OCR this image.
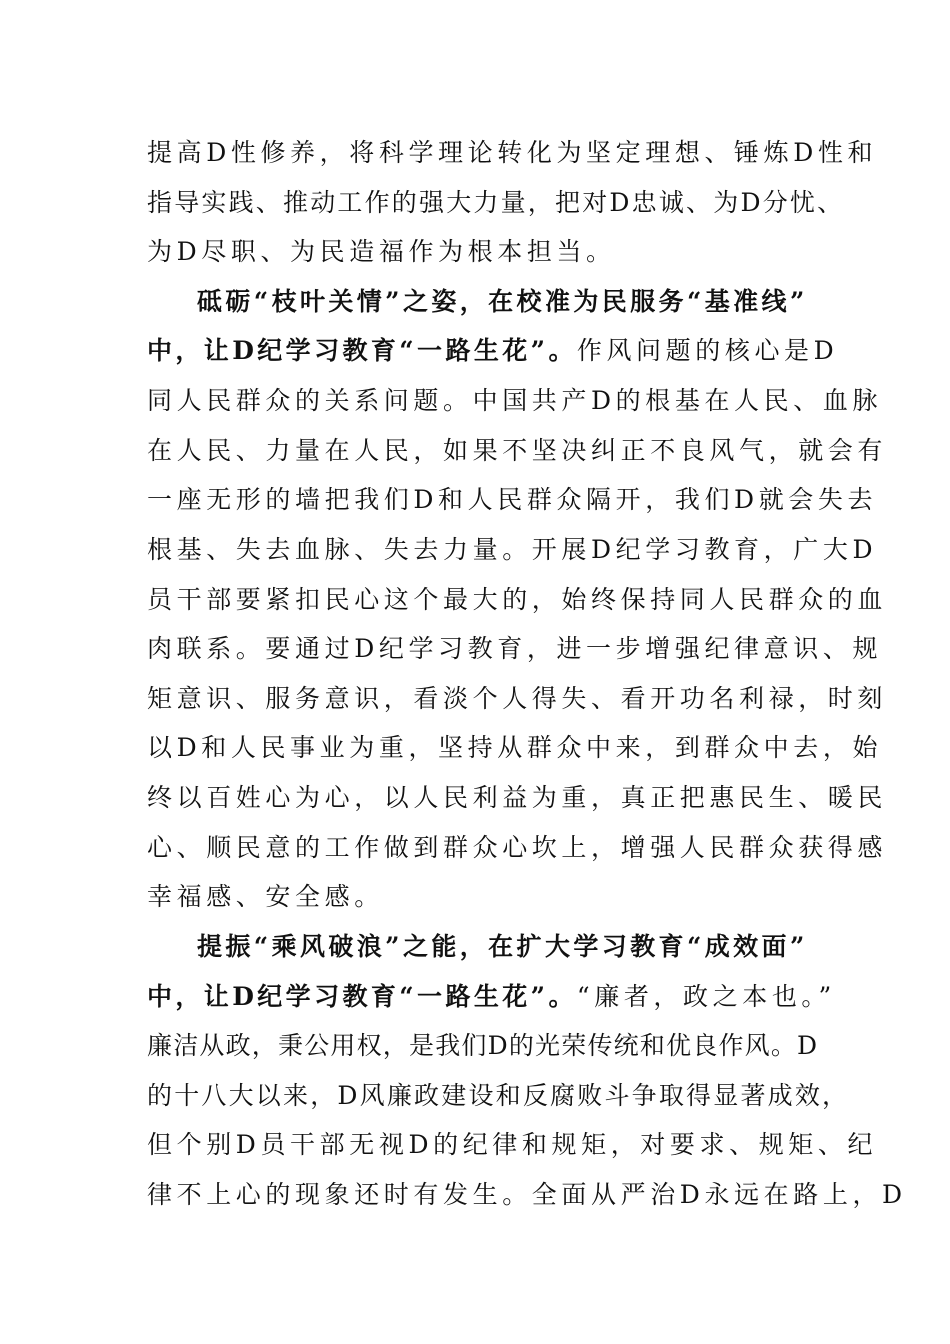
提高D性修养，将科学理论转化为坚定理想、锤炼D性和
指导实践、推动工作的强大力量，把对D忠诚、为D分忧、
为D尽职、为民造福作为根本担当。
砥砺“枝叶关情”之姿，在校准为民服务“基准线”
中，让D纪学习教育“一路生花”。作风问题的核心是D
同人民群众的关系问题。中国共产D的根基在人民、血脉
在人民、力量在人民，如果不坚决纠正不良风气，就会有
一座无形的墙把我们D和人民群众隔开，我们D就会失去
根基、失去血脉、失去力量。开展D纪学习教育，广大D
员干部要紧扣民心这个最大的，始终保持同人民群众的血
肉联系。要通过D纪学习教育，进一步增强纪律意识、规
矩意识、服务意识，看淡个人得失、看开功名利禄，时刻
以D和人民事业为重，坚持从群众中来，到群众中去，始
终以百姓心为心，以人民利益为重，真正把惠民生、暖民
心、顺民意的工作做到群众心坎上，增强人民群众获得感
幸福感、安全感。
提振“乘风破浪”之能，在扩大学习教育“成效面”
中，让D纪学习教育“一路生花”。“廉者，政之本也。”
廉洁从政，秉公用权，是我们D的光荣传统和优良作风。D
的十八大以来，D风廉政建设和反腐败斗争取得显著成效，
但个别D员干部无视D的纪律和规矩，对要求、规矩、纪
律不上心的现象还时有发生。全面从严治D永远在路上，D
